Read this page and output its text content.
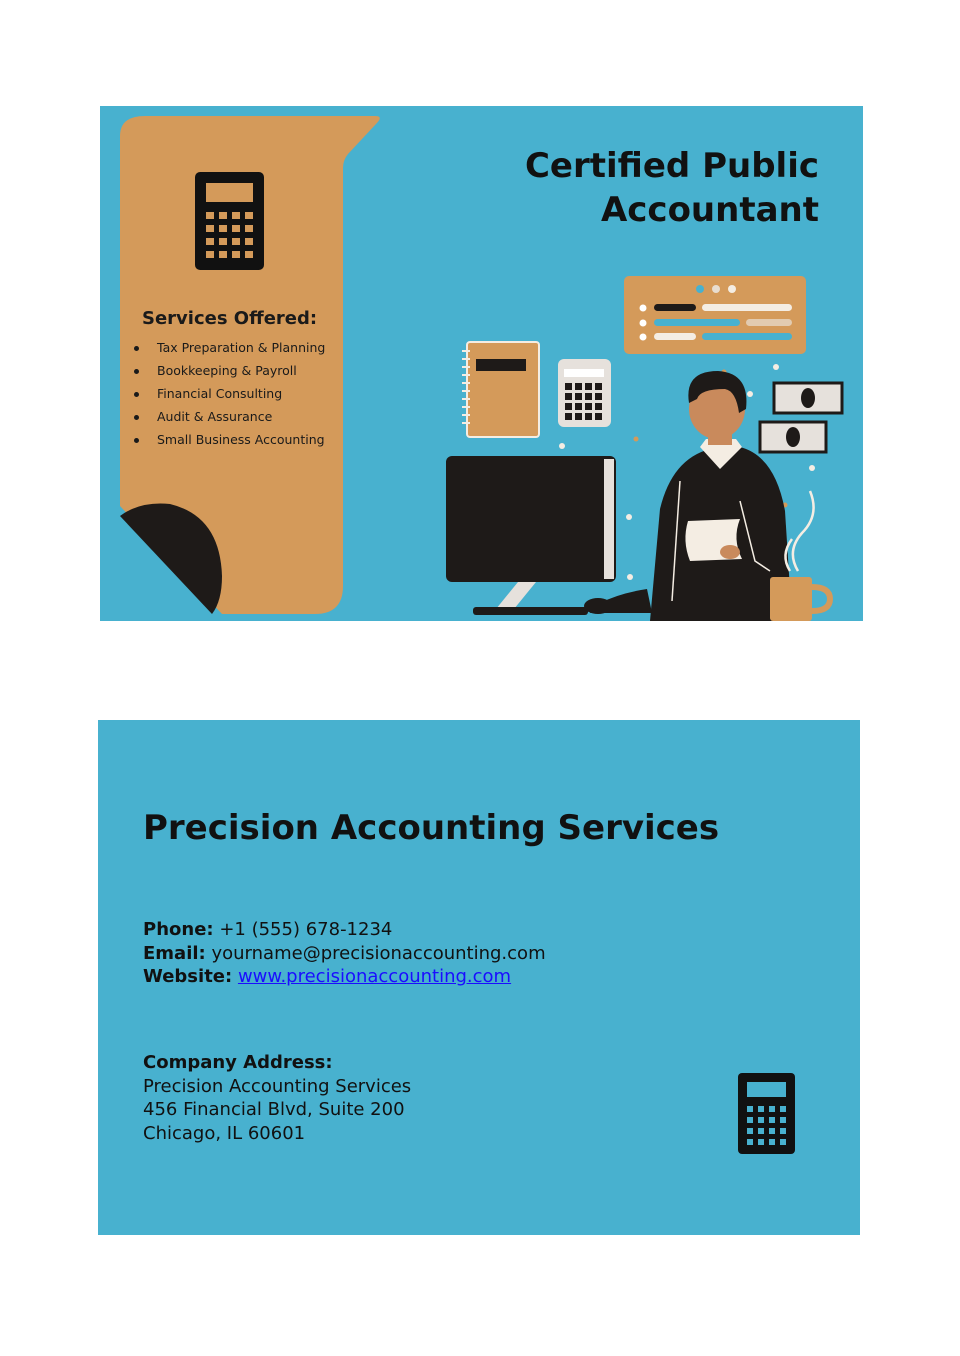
Services Offered:
Tax Preparation & Planning
Bookkeeping & Payroll
Financial Consulting
Audit & Assurance
Small Business Accounting
Certified Public
Accountant
Precision Accounting Services
Phone: +1 (555) 678-1234
Email: yourname@precisionaccounting.com
Website: www.precisionaccounting.com
Company Address:
Precision Accounting Services
456 Financial Blvd, Suite 200
Chicago, IL 60601
